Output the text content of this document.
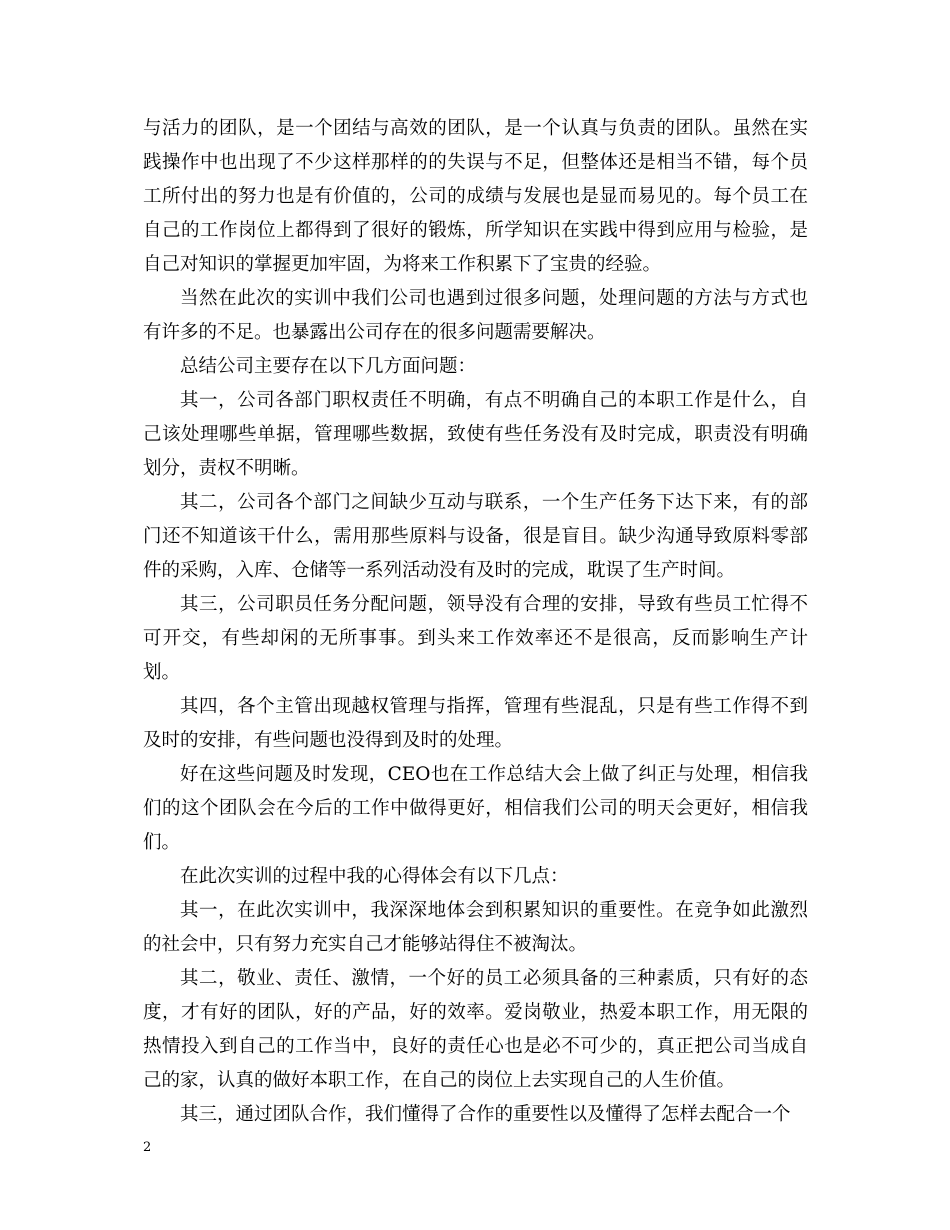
与活力的团队，是一个团结与高效的团队，是一个认真与负责的团队。虽然在实践操作中也出现了不少这样那样的的失误与不足，但整体还是相当不错，每个员工所付出的努力也是有价值的，公司的成绩与发展也是显而易见的。每个员工在自己的工作岗位上都得到了很好的锻炼，所学知识在实践中得到应用与检验，是自己对知识的掌握更加牢固，为将来工作积累下了宝贵的经验。

当然在此次的实训中我们公司也遇到过很多问题，处理问题的方法与方式也有许多的不足。也暴露出公司存在的很多问题需要解决。

总结公司主要存在以下几方面问题：

其一，公司各部门职权责任不明确，有点不明确自己的本职工作是什么，自己该处理哪些单据，管理哪些数据，致使有些任务没有及时完成，职责没有明确划分，责权不明晰。

其二，公司各个部门之间缺少互动与联系，一个生产任务下达下来，有的部门还不知道该干什么，需用那些原料与设备，很是盲目。缺少沟通导致原料零部件的采购，入库、仓储等一系列活动没有及时的完成，耽误了生产时间。

其三，公司职员任务分配问题，领导没有合理的安排，导致有些员工忙得不可开交，有些却闲的无所事事。到头来工作效率还不是很高，反而影响生产计划。

其四，各个主管出现越权管理与指挥，管理有些混乱，只是有些工作得不到及时的安排，有些问题也没得到及时的处理。

好在这些问题及时发现，CEO也在工作总结大会上做了纠正与处理，相信我们的这个团队会在今后的工作中做得更好，相信我们公司的明天会更好，相信我们。

在此次实训的过程中我的心得体会有以下几点：

其一，在此次实训中，我深深地体会到积累知识的重要性。在竞争如此激烈的社会中，只有努力充实自己才能够站得住不被淘汰。

其二，敬业、责任、激情，一个好的员工必须具备的三种素质，只有好的态度，才有好的团队，好的产品，好的效率。爱岗敬业，热爱本职工作，用无限的热情投入到自己的工作当中，良好的责任心也是必不可少的，真正把公司当成自己的家，认真的做好本职工作，在自己的岗位上去实现自己的人生价值。

其三，通过团队合作，我们懂得了合作的重要性以及懂得了怎样去配合一个

2
